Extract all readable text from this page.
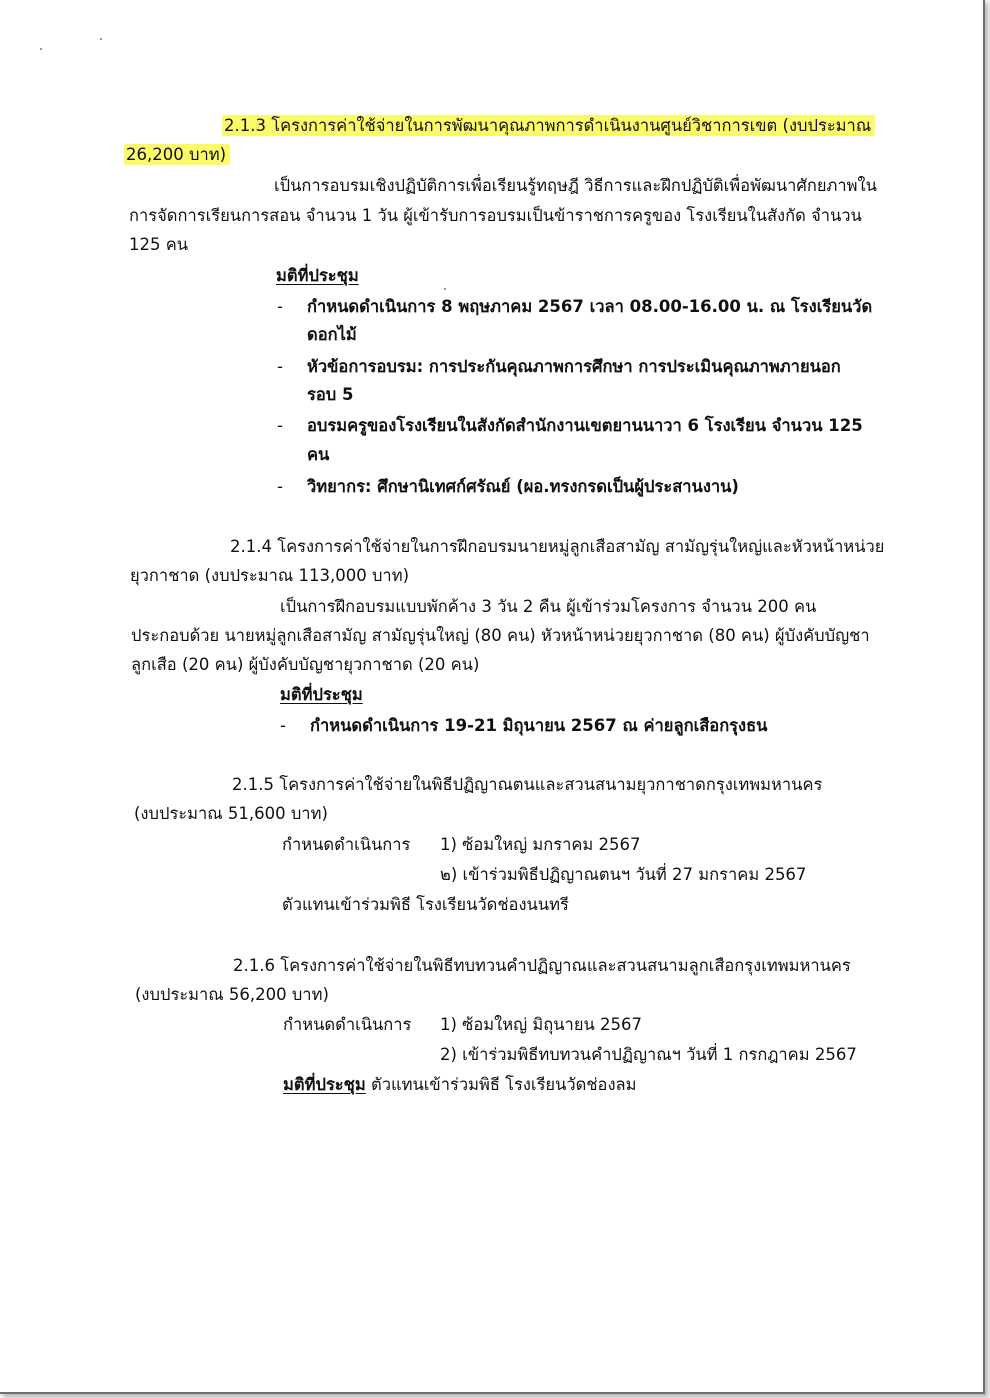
2.1.3 โครงการค่าใช้จ่ายในการพัฒนาคุณภาพการดำเนินงานศูนย์วิชาการเขต (งบประมาณ
26,200 บาท)
เป็นการอบรมเชิงปฏิบัติการเพื่อเรียนรู้ทฤษฎี วิธีการและฝึกปฏิบัติเพื่อพัฒนาศักยภาพใน
การจัดการเรียนการสอน จำนวน 1 วัน ผู้เข้ารับการอบรมเป็นข้าราชการครูของ โรงเรียนในสังกัด จำนวน
125 คน
มติที่ประชุม
- กำหนดดำเนินการ 8 พฤษภาคม 2567 เวลา 08.00-16.00 น. ณ โรงเรียนวัด
ดอกไม้
- หัวข้อการอบรม: การประกันคุณภาพการศึกษา การประเมินคุณภาพภายนอก
รอบ 5
- อบรมครูของโรงเรียนในสังกัดสำนักงานเขตยานนาวา 6 โรงเรียน จำนวน 125
คน
- วิทยากร: ศึกษานิเทศก์ศรัณย์ (ผอ.ทรงกรดเป็นผู้ประสานงาน)
2.1.4 โครงการค่าใช้จ่ายในการฝึกอบรมนายหมู่ลูกเสือสามัญ สามัญรุ่นใหญ่และหัวหน้าหน่วย
ยุวกาชาด (งบประมาณ 113,000 บาท)
เป็นการฝึกอบรมแบบพักค้าง 3 วัน 2 คืน ผู้เข้าร่วมโครงการ จำนวน 200 คน
ประกอบด้วย นายหมู่ลูกเสือสามัญ สามัญรุ่นใหญ่ (80 คน) หัวหน้าหน่วยยุวกาชาด (80 คน) ผู้บังคับบัญชา
ลูกเสือ (20 คน) ผู้บังคับบัญชายุวกาชาด (20 คน)
มติที่ประชุม
- กำหนดดำเนินการ 19-21 มิถุนายน 2567 ณ ค่ายลูกเสือกรุงธน
2.1.5 โครงการค่าใช้จ่ายในพิธีปฏิญาณตนและสวนสนามยุวกาชาดกรุงเทพมหานคร
(งบประมาณ 51,600 บาท)
กำหนดดำเนินการ 1) ซ้อมใหญ่ มกราคม 2567
๒) เข้าร่วมพิธีปฏิญาณตนฯ วันที่ 27 มกราคม 2567
ตัวแทนเข้าร่วมพิธี โรงเรียนวัดช่องนนทรี
2.1.6 โครงการค่าใช้จ่ายในพิธีทบทวนคำปฏิญาณและสวนสนามลูกเสือกรุงเทพมหานคร
(งบประมาณ 56,200 บาท)
กำหนดดำเนินการ 1) ซ้อมใหญ่ มิถุนายน 2567
2) เข้าร่วมพิธีทบทวนคำปฏิญาณฯ วันที่ 1 กรกฎาคม 2567
มติที่ประชุม ตัวแทนเข้าร่วมพิธี โรงเรียนวัดช่องลม
